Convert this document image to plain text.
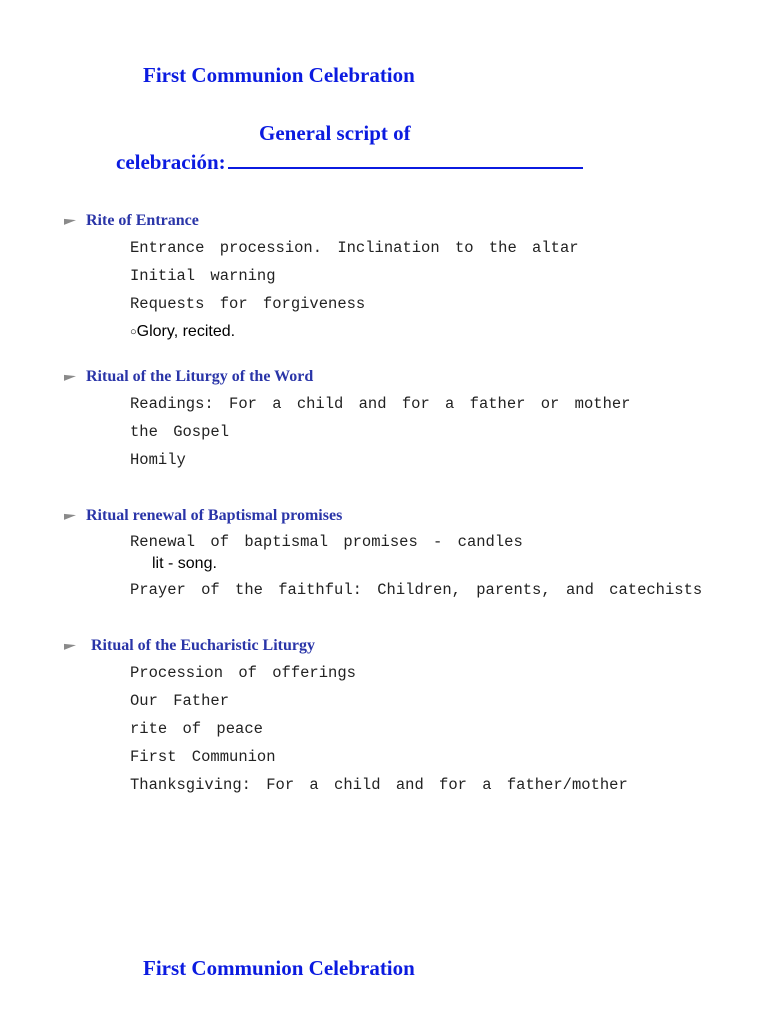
First Communion Celebration
General script of
celebración:
Rite of Entrance
Entrance procession. Inclination to the altar
Initial warning
Requests for forgiveness
○Glory, recited.
Ritual of the Liturgy of the Word
Readings: For a child and for a father or mother
the Gospel
Homily
Ritual renewal of Baptismal promises
Renewal of baptismal promises - candles
lit - song.
Prayer of the faithful: Children, parents, and catechists
Ritual of the Eucharistic Liturgy
Procession of offerings
Our Father
rite of peace
First Communion
Thanksgiving: For a child and for a father/mother
First Communion Celebration
